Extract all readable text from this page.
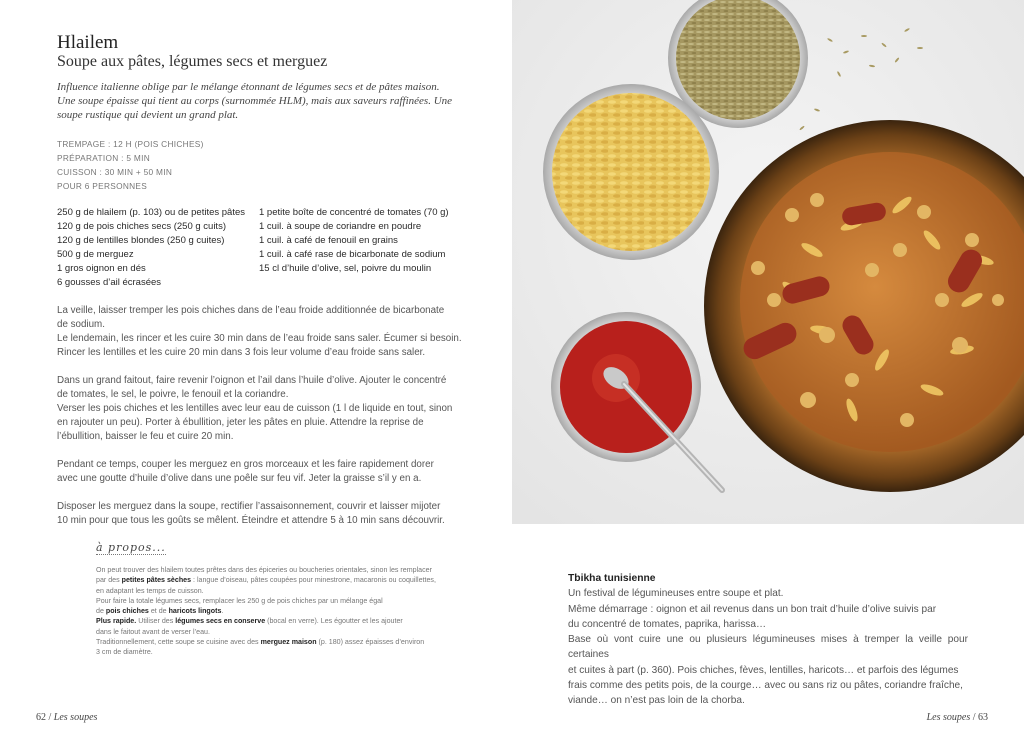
Hlailem
Soupe aux pâtes, légumes secs et merguez

Influence italienne oblige par le mélange étonnant de légumes secs et de pâtes maison. Une soupe épaisse qui tient au corps (surnommée HLM), mais aux saveurs raffinées. Une soupe rustique qui devient un grand plat.

TREMPAGE : 12 H (POIS CHICHES)
PRÉPARATION : 5 MIN
CUISSON : 30 MIN + 50 MIN
POUR 6 PERSONNES
250 g de hlailem (p. 103) ou de petites pâtes
120 g de pois chiches secs (250 g cuits)
120 g de lentilles blondes (250 g cuites)
500 g de merguez
1 gros oignon en dés
6 gousses d’ail écrasées
1 petite boîte de concentré de tomates (70 g)
1 cuil. à soupe de coriandre en poudre
1 cuil. à café de fenouil en grains
1 cuil. à café rase de bicarbonate de sodium
15 cl d’huile d’olive, sel, poivre du moulin

La veille, laisser tremper les pois chiches dans de l’eau froide additionnée de bicarbonate
de sodium.
Le lendemain, les rincer et les cuire 30 min dans de l’eau froide sans saler. Écumer si besoin.
Rincer les lentilles et les cuire 20 min dans 3 fois leur volume d’eau froide sans saler.

Dans un grand faitout, faire revenir l’oignon et l’ail dans l’huile d’olive. Ajouter le concentré
de tomates, le sel, le poivre, le fenouil et la coriandre.
Verser les pois chiches et les lentilles avec leur eau de cuisson (1 l de liquide en tout, sinon
en rajouter un peu). Porter à ébullition, jeter les pâtes en pluie. Attendre la reprise de
l’ébullition, baisser le feu et cuire 20 min.

Pendant ce temps, couper les merguez en gros morceaux et les faire rapidement dorer
avec une goutte d’huile d’olive dans une poêle sur feu vif. Jeter la graisse s’il y en a.

Disposer les merguez dans la soupe, rectifier l’assaisonnement, couvrir et laisser mijoter
10 min pour que tous les goûts se mêlent. Éteindre et attendre 5 à 10 min sans découvrir.

à propos...

On peut trouver des hlailem toutes prêtes dans des épiceries ou boucheries orientales, sinon les remplacer

par des petites pâtes sèches : langue d’oiseau, pâtes coupées pour minestrone, macaronis ou coquillettes,

en adaptant les temps de cuisson.

Pour faire la totale légumes secs, remplacer les 250 g de pois chiches par un mélange égal

de pois chiches et de haricots lingots.

Plus rapide. Utiliser des légumes secs en conserve (bocal en verre). Les égoutter et les ajouter

dans le faitout avant de verser l’eau.

Traditionnellement, cette soupe se cuisine avec des merguez maison (p. 180) assez épaisses d’environ

3 cm de diamètre.

62 / Les soupes

Tbikha tunisienne

Un festival de légumineuses entre soupe et plat.

Même démarrage : oignon et ail revenus dans un bon trait d’huile d’olive suivis par

du concentré de tomates, paprika, harissa…

Base où vont cuire une ou plusieurs légumineuses mises à tremper la veille pour certaines

et cuites à part (p. 360). Pois chiches, fèves, lentilles, haricots… et parfois des légumes

frais comme des petits pois, de la courge… avec ou sans riz ou pâtes, coriandre fraîche,

viande… on n’est pas loin de la chorba.

Les soupes / 63
